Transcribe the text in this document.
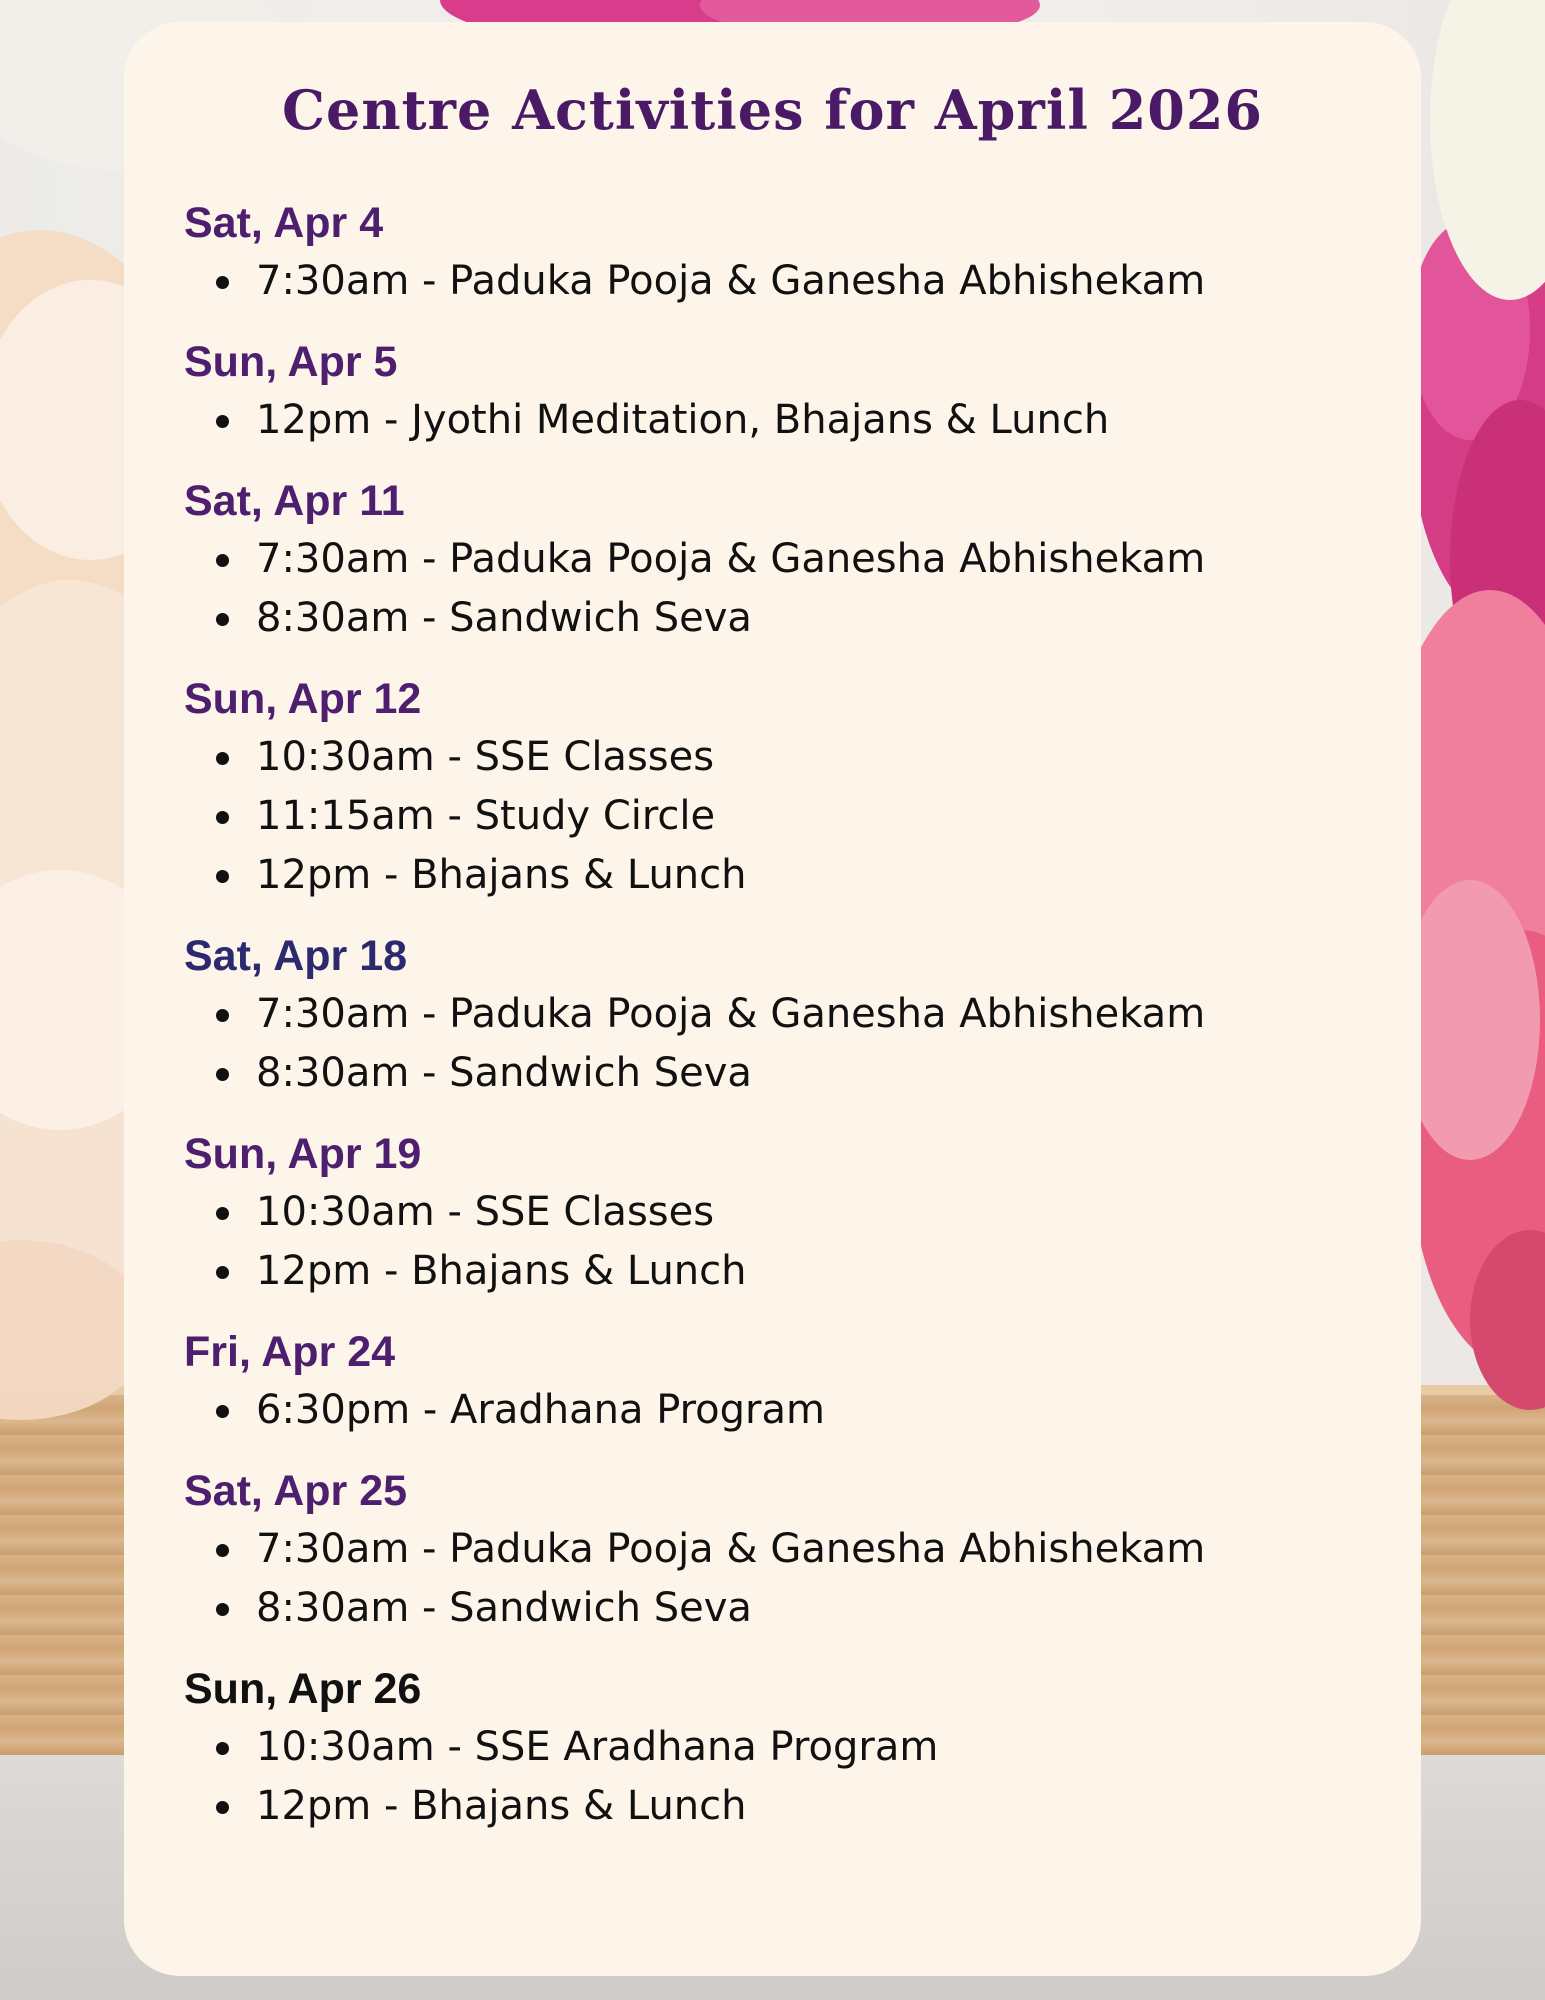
Centre Activities for April 2026
Sat, Apr 4
7:30am - Paduka Pooja & Ganesha Abhishekam
Sun, Apr 5
12pm - Jyothi Meditation, Bhajans & Lunch
Sat, Apr 11
7:30am - Paduka Pooja & Ganesha Abhishekam
8:30am - Sandwich Seva
Sun, Apr 12
10:30am - SSE Classes
11:15am - Study Circle
12pm - Bhajans & Lunch
Sat, Apr 18
7:30am - Paduka Pooja & Ganesha Abhishekam
8:30am - Sandwich Seva
Sun, Apr 19
10:30am - SSE Classes
12pm - Bhajans & Lunch
Fri, Apr 24
6:30pm - Aradhana Program
Sat, Apr 25
7:30am - Paduka Pooja & Ganesha Abhishekam
8:30am - Sandwich Seva
Sun, Apr 26
10:30am - SSE Aradhana Program
12pm - Bhajans & Lunch
